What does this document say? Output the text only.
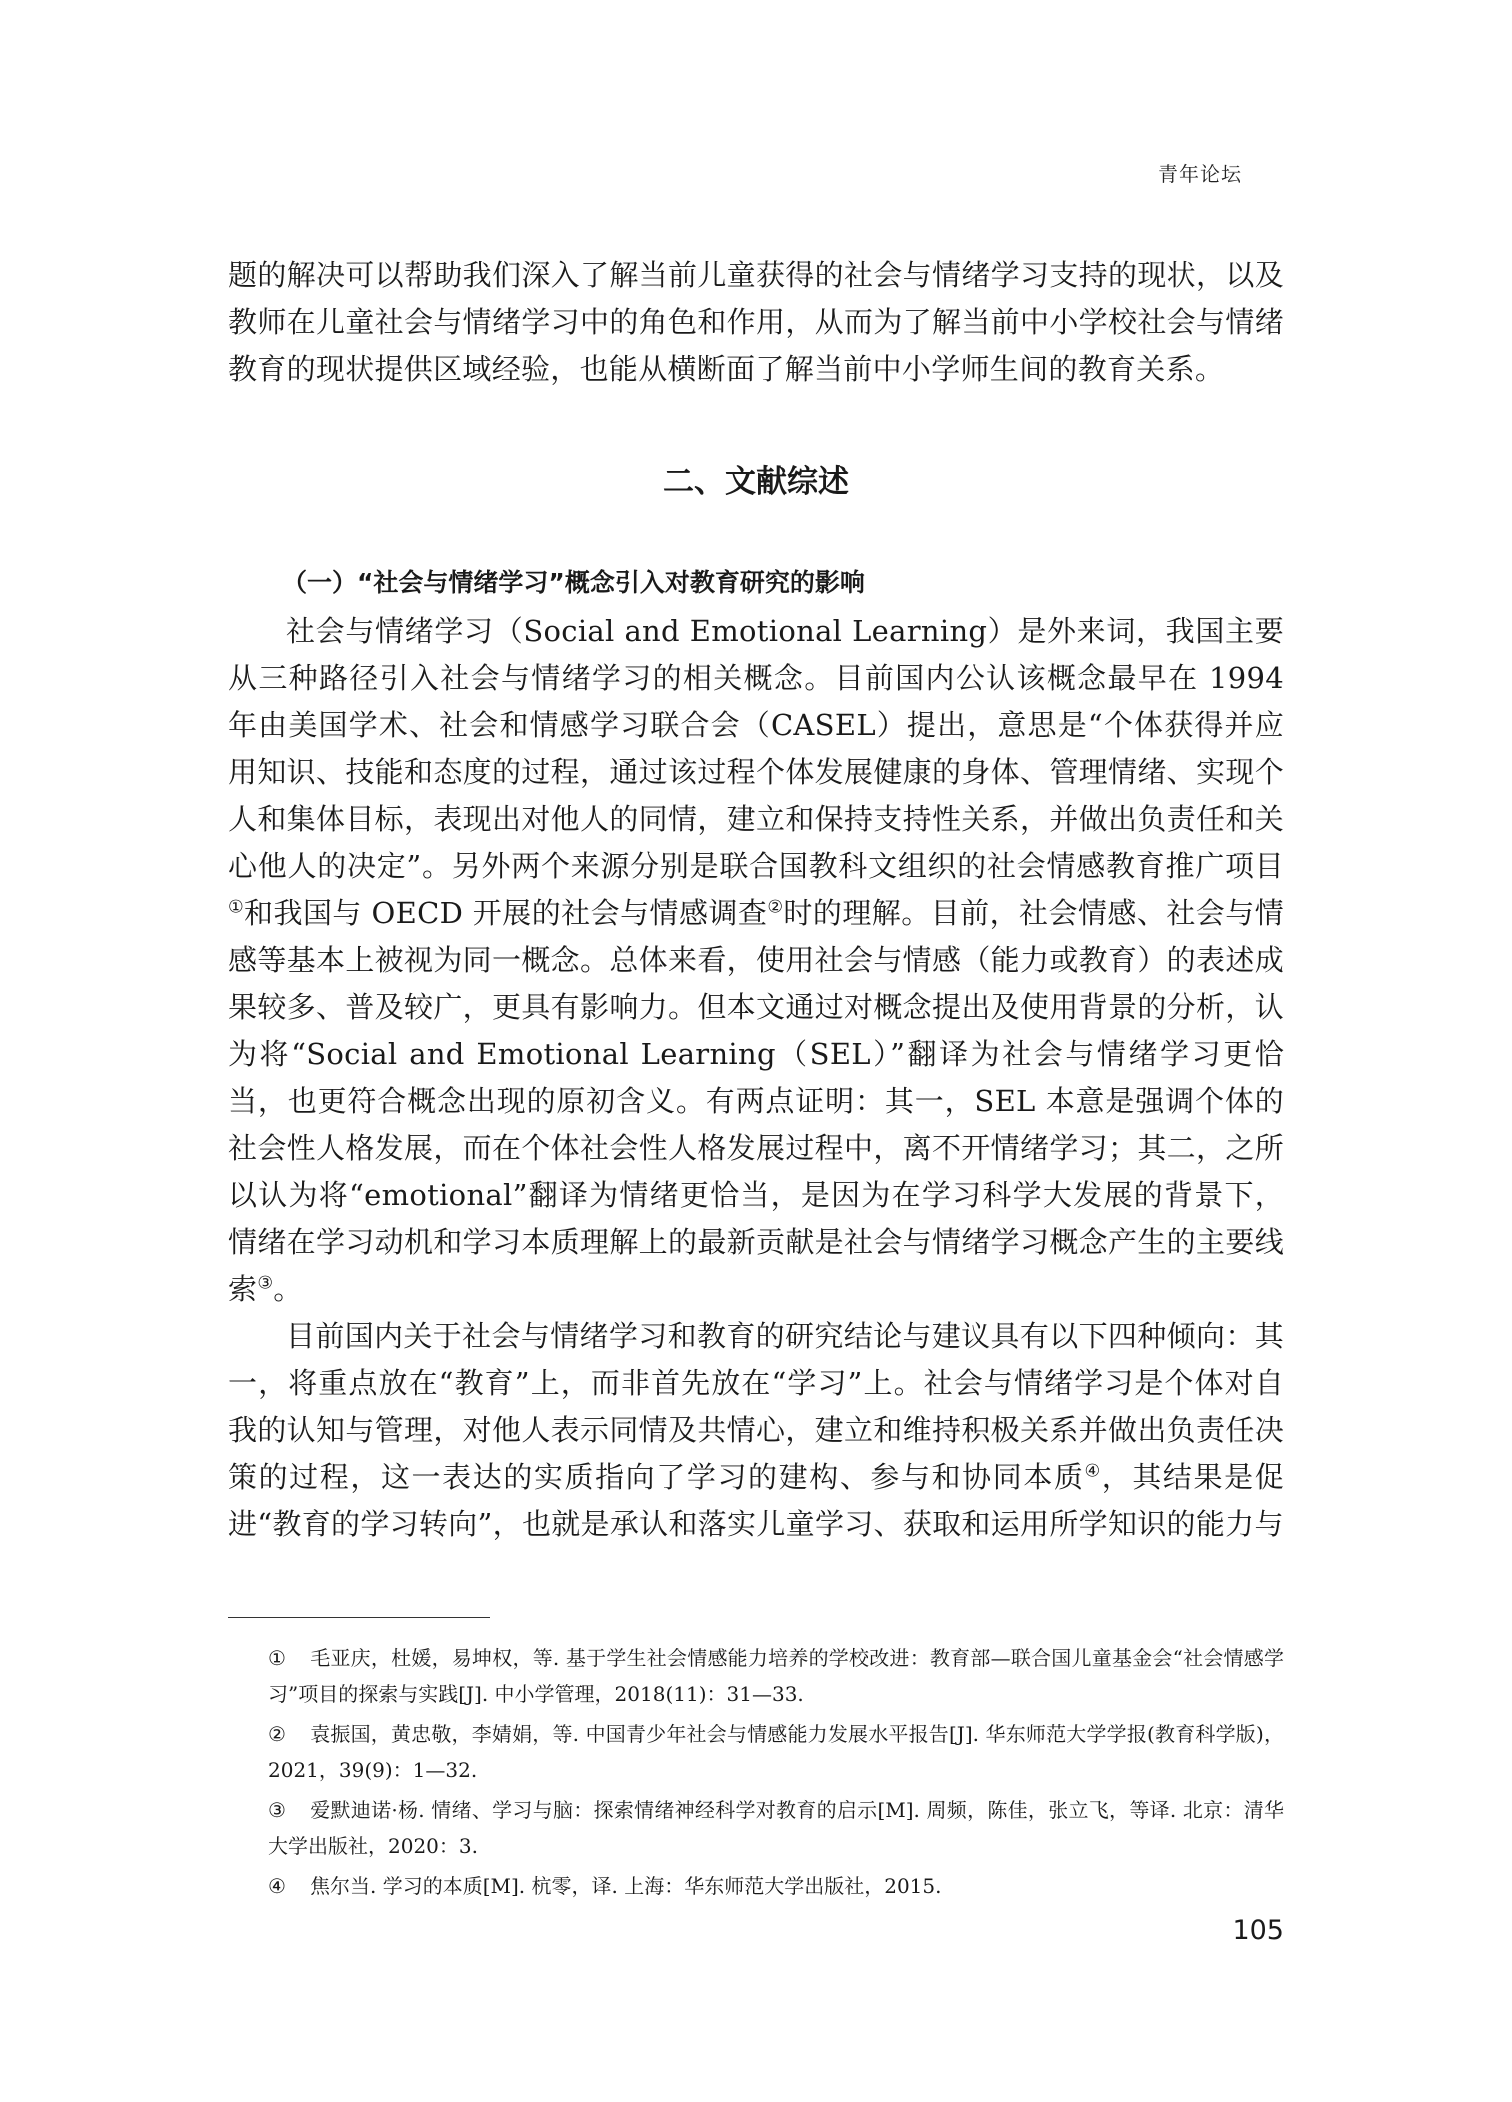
青年论坛

题的解决可以帮助我们深入了解当前儿童获得的社会与情绪学习支持的现状，以及教师在儿童社会与情绪学习中的角色和作用，从而为了解当前中小学校社会与情绪教育的现状提供区域经验，也能从横断面了解当前中小学师生间的教育关系。

二、文献综述
（一）“社会与情绪学习”概念引入对教育研究的影响

社会与情绪学习（Social and Emotional Learning）是外来词，我国主要从三种路径引入社会与情绪学习的相关概念。目前国内公认该概念最早在 1994 年由美国学术、社会和情感学习联合会（CASEL）提出，意思是“个体获得并应用知识、技能和态度的过程，通过该过程个体发展健康的身体、管理情绪、实现个人和集体目标，表现出对他人的同情，建立和保持支持性关系，并做出负责任和关心他人的决定”。另外两个来源分别是联合国教科文组织的社会情感教育推广项目①和我国与 OECD 开展的社会与情感调查②时的理解。目前，社会情感、社会与情感等基本上被视为同一概念。总体来看，使用社会与情感（能力或教育）的表述成果较多、普及较广，更具有影响力。但本文通过对概念提出及使用背景的分析，认为将“Social and Emotional Learning（SEL）”翻译为社会与情绪学习更恰当，也更符合概念出现的原初含义。有两点证明：其一，SEL 本意是强调个体的社会性人格发展，而在个体社会性人格发展过程中，离不开情绪学习；其二，之所以认为将“emotional”翻译为情绪更恰当，是因为在学习科学大发展的背景下，情绪在学习动机和学习本质理解上的最新贡献是社会与情绪学习概念产生的主要线索③。

目前国内关于社会与情绪学习和教育的研究结论与建议具有以下四种倾向：其一，将重点放在“教育”上，而非首先放在“学习”上。社会与情绪学习是个体对自我的认知与管理，对他人表示同情及共情心，建立和维持积极关系并做出负责任决策的过程，这一表达的实质指向了学习的建构、参与和协同本质④，其结果是促进“教育的学习转向”，也就是承认和落实儿童学习、获取和运用所学知识的能力与

① 毛亚庆，杜媛，易坤权，等. 基于学生社会情感能力培养的学校改进：教育部—联合国儿童基金会“社会情感学习”项目的探索与实践[J]. 中小学管理，2018(11)：31—33.

② 袁振国，黄忠敬，李婧娟，等. 中国青少年社会与情感能力发展水平报告[J]. 华东师范大学学报(教育科学版)，2021，39(9)：1—32.

③ 爱默迪诺·杨. 情绪、学习与脑：探索情绪神经科学对教育的启示[M]. 周频，陈佳，张立飞，等译. 北京：清华大学出版社，2020：3.

④ 焦尔当. 学习的本质[M]. 杭零，译. 上海：华东师范大学出版社，2015.

105
